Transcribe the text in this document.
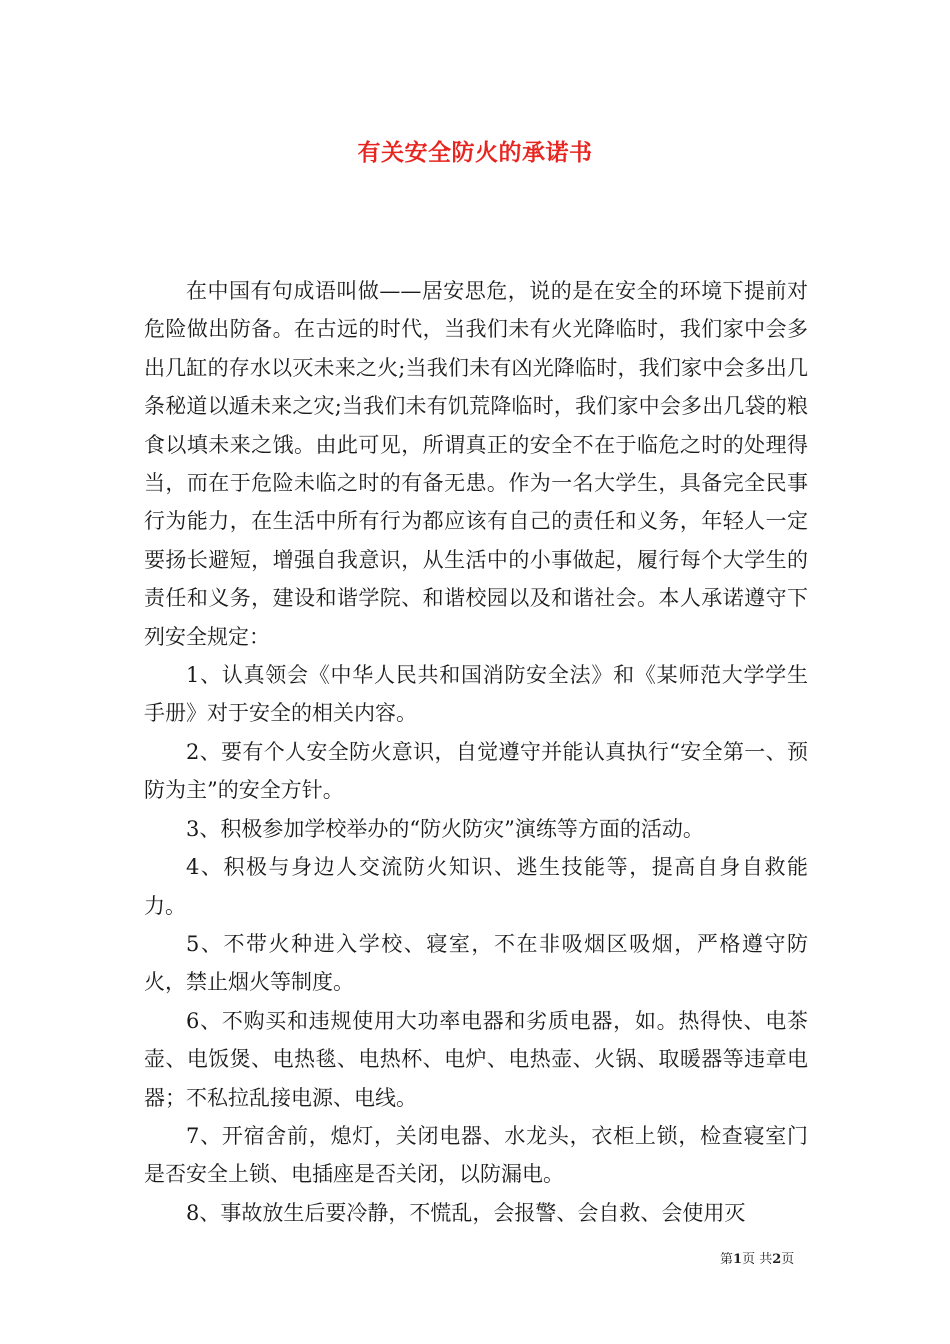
有关安全防火的承诺书

在中国有句成语叫做——居安思危，说的是在安全的环境下提前对危险做出防备。在古远的时代，当我们未有火光降临时，我们家中会多出几缸的存水以灭未来之火;当我们未有凶光降临时，我们家中会多出几条秘道以遁未来之灾;当我们未有饥荒降临时，我们家中会多出几袋的粮食以填未来之饿。由此可见，所谓真正的安全不在于临危之时的处理得当，而在于危险未临之时的有备无患。作为一名大学生，具备完全民事行为能力，在生活中所有行为都应该有自己的责任和义务，年轻人一定要扬长避短，增强自我意识，从生活中的小事做起，履行每个大学生的责任和义务，建设和谐学院、和谐校园以及和谐社会。本人承诺遵守下列安全规定：

1、认真领会《中华人民共和国消防安全法》和《某师范大学学生手册》对于安全的相关内容。

2、要有个人安全防火意识，自觉遵守并能认真执行“安全第一、预防为主”的安全方针。

3、积极参加学校举办的“防火防灾”演练等方面的活动。

4、积极与身边人交流防火知识、逃生技能等，提高自身自救能力。

5、不带火种进入学校、寝室，不在非吸烟区吸烟，严格遵守防火，禁止烟火等制度。

6、不购买和违规使用大功率电器和劣质电器，如。热得快、电茶壶、电饭煲、电热毯、电热杯、电炉、电热壶、火锅、取暖器等违章电器；不私拉乱接电源、电线。

7、开宿舍前，熄灯，关闭电器、水龙头，衣柜上锁，检查寝室门是否安全上锁、电插座是否关闭，以防漏电。

8、事故放生后要冷静，不慌乱，会报警、会自救、会使用灭

第1页 共2页
